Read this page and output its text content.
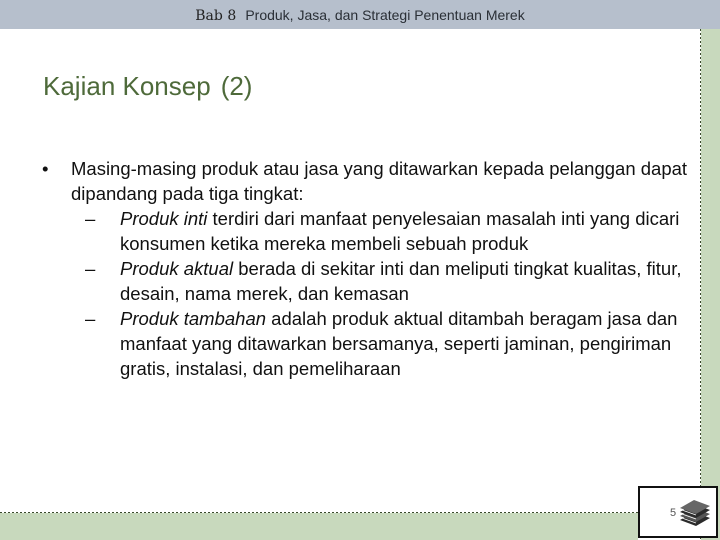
Bab 8 Produk, Jasa, dan Strategi Penentuan Merek
Kajian Konsep (2)
• Masing-masing produk atau jasa yang ditawarkan kepada pelanggan dapat dipandang pada tiga tingkat:
– Produk inti terdiri dari manfaat penyelesaian masalah inti yang dicari konsumen ketika mereka membeli sebuah produk
– Produk aktual berada di sekitar inti dan meliputi tingkat kualitas, fitur, desain, nama merek, dan kemasan
– Produk tambahan adalah produk aktual ditambah beragam jasa dan manfaat yang ditawarkan bersamanya, seperti jaminan, pengiriman gratis, instalasi, dan pemeliharaan
5
